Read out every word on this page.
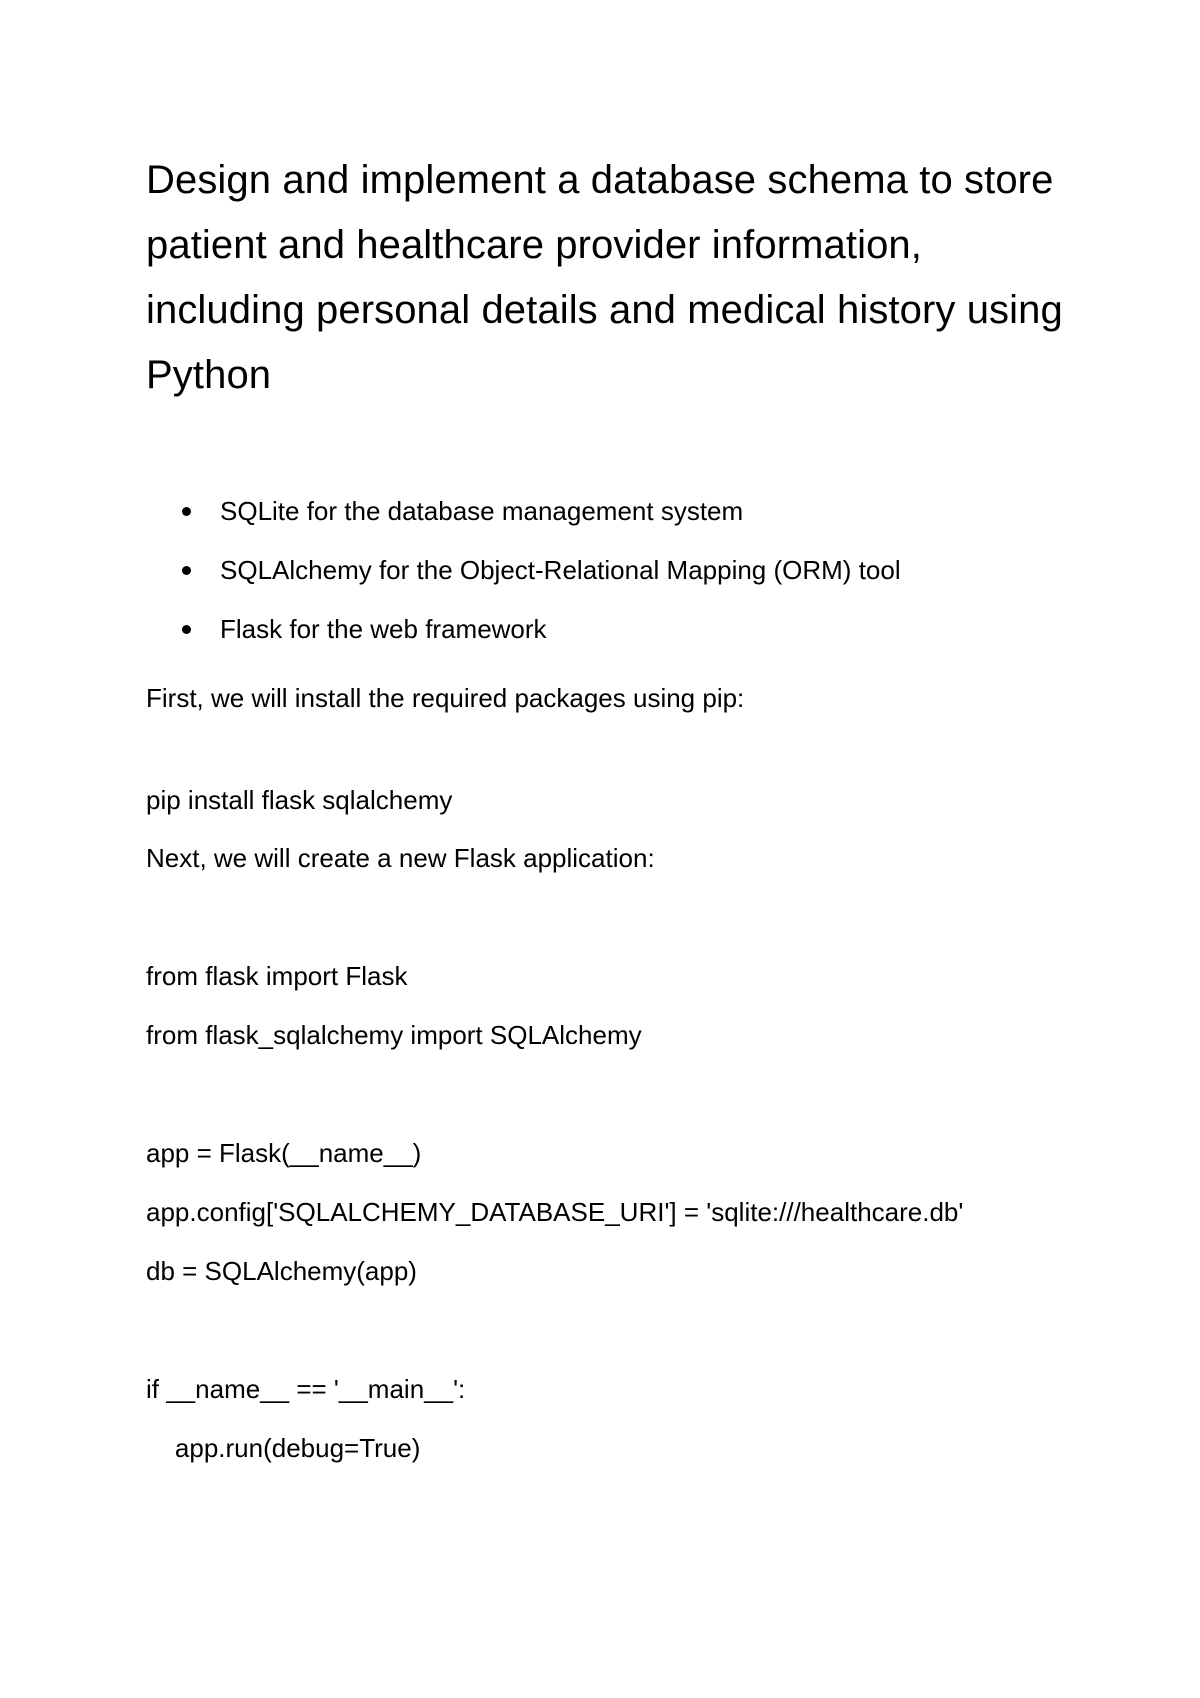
Design and implement a database schema to store patient and healthcare provider information, including personal details and medical history using Python
SQLite for the database management system
SQLAlchemy for the Object-Relational Mapping (ORM) tool
Flask for the web framework

First, we will install the required packages using pip:

pip install flask sqlalchemy

Next, we will create a new Flask application:

from flask import Flask

from flask_sqlalchemy import SQLAlchemy

app = Flask(__name__)

app.config['SQLALCHEMY_DATABASE_URI'] = 'sqlite:///healthcare.db'

db = SQLAlchemy(app)

if __name__ == '__main__':

app.run(debug=True)
